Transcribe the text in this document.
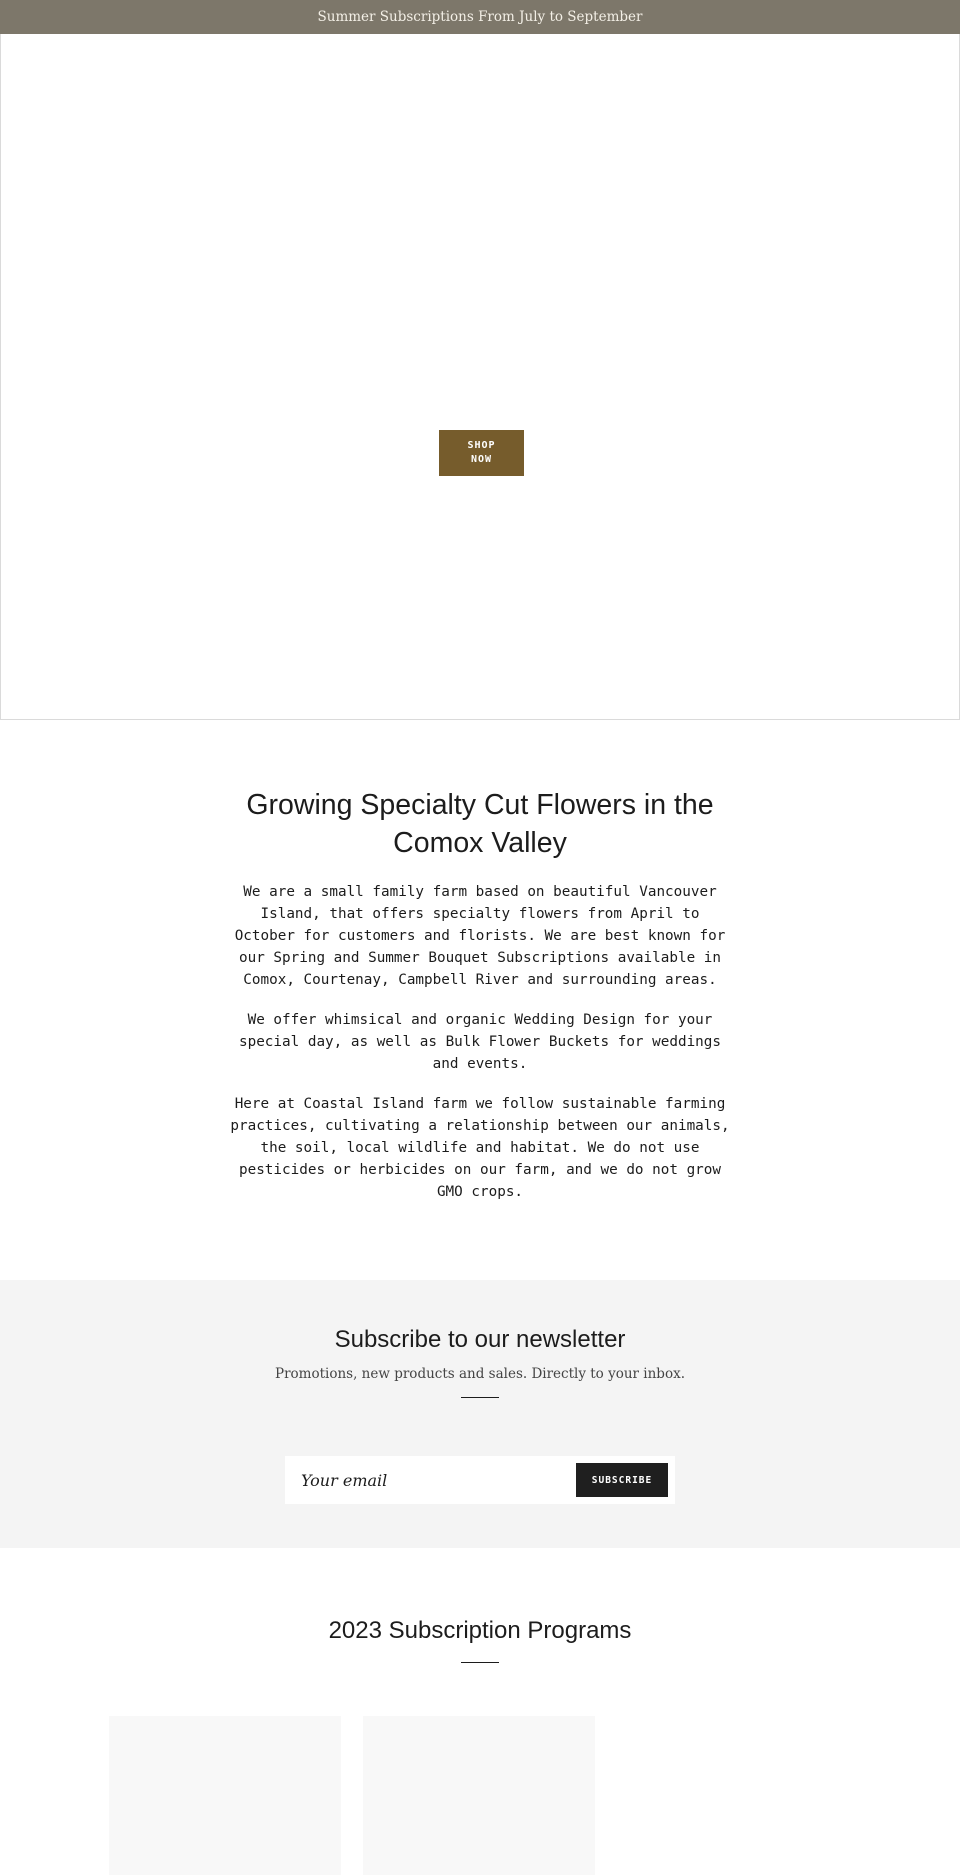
Summer Subscriptions From July to September
SHOP
NOW
Growing Specialty Cut Flowers in the Comox Valley

We are a small family farm based on beautiful Vancouver Island, that offers specialty flowers from April to October for customers and florists. We are best known for our Spring and Summer Bouquet Subscriptions available in Comox, Courtenay, Campbell River and surrounding areas.

We offer whimsical and organic Wedding Design for your special day, as well as Bulk Flower Buckets for weddings and events.

Here at Coastal Island farm we follow sustainable farming practices, cultivating a relationship between our animals, the soil, local wildlife and habitat. We do not use pesticides or herbicides on our farm, and we do not grow GMO crops.

Subscribe to our newsletter
Promotions, new products and sales. Directly to your inbox.
Your email
SUBSCRIBE
2023 Subscription Programs
